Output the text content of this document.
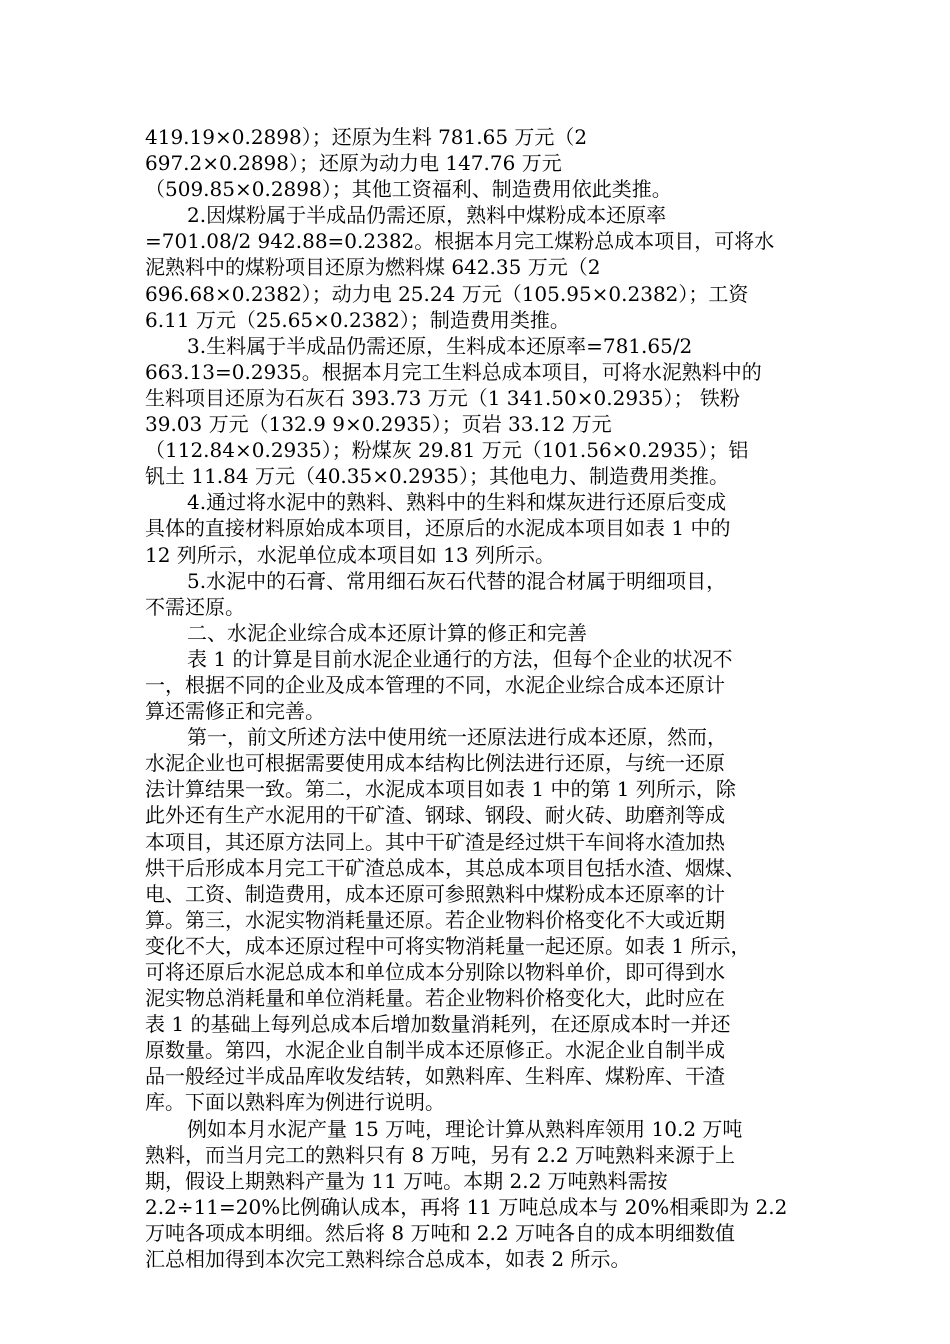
419.19×0.2898）；还原为生料 781.65 万元（2
697.2×0.2898）；还原为动力电 147.76 万元
（509.85×0.2898）；其他工资福利、制造费用依此类推。
2.因煤粉属于半成品仍需还原，熟料中煤粉成本还原率
=701.08/2 942.88=0.2382。根据本月完工煤粉总成本项目，可将水
泥熟料中的煤粉项目还原为燃料煤 642.35 万元（2
696.68×0.2382）；动力电 25.24 万元（105.95×0.2382）；工资
6.11 万元（25.65×0.2382）；制造费用类推。
3.生料属于半成品仍需还原，生料成本还原率=781.65/2
663.13=0.2935。根据本月完工生料总成本项目，可将水泥熟料中的
生料项目还原为石灰石 393.73 万元（1 341.50×0.2935）； 铁粉
39.03 万元（132.9 9×0.2935）；页岩 33.12 万元
（112.84×0.2935）；粉煤灰 29.81 万元（101.56×0.2935）；铝
钒土 11.84 万元（40.35×0.2935）；其他电力、制造费用类推。
4.通过将水泥中的熟料、熟料中的生料和煤灰进行还原后变成
具体的直接材料原始成本项目，还原后的水泥成本项目如表 1 中的
12 列所示，水泥单位成本项目如 13 列所示。
5.水泥中的石膏、常用细石灰石代替的混合材属于明细项目，
不需还原。
二、水泥企业综合成本还原计算的修正和完善
表 1 的计算是目前水泥企业通行的方法，但每个企业的状况不
一，根据不同的企业及成本管理的不同，水泥企业综合成本还原计
算还需修正和完善。
第一，前文所述方法中使用统一还原法进行成本还原，然而，
水泥企业也可根据需要使用成本结构比例法进行还原，与统一还原
法计算结果一致。第二，水泥成本项目如表 1 中的第 1 列所示，除
此外还有生产水泥用的干矿渣、钢球、钢段、耐火砖、助磨剂等成
本项目，其还原方法同上。其中干矿渣是经过烘干车间将水渣加热
烘干后形成本月完工干矿渣总成本，其总成本项目包括水渣、烟煤、
电、工资、制造费用，成本还原可参照熟料中煤粉成本还原率的计
算。第三，水泥实物消耗量还原。若企业物料价格变化不大或近期
变化不大，成本还原过程中可将实物消耗量一起还原。如表 1 所示，
可将还原后水泥总成本和单位成本分别除以物料单价，即可得到水
泥实物总消耗量和单位消耗量。若企业物料价格变化大，此时应在
表 1 的基础上每列总成本后增加数量消耗列，在还原成本时一并还
原数量。第四，水泥企业自制半成本还原修正。水泥企业自制半成
品一般经过半成品库收发结转，如熟料库、生料库、煤粉库、干渣
库。下面以熟料库为例进行说明。
例如本月水泥产量 15 万吨，理论计算从熟料库领用 10.2 万吨
熟料，而当月完工的熟料只有 8 万吨，另有 2.2 万吨熟料来源于上
期，假设上期熟料产量为 11 万吨。本期 2.2 万吨熟料需按
2.2÷11=20%比例确认成本，再将 11 万吨总成本与 20%相乘即为 2.2
万吨各项成本明细。然后将 8 万吨和 2.2 万吨各自的成本明细数值
汇总相加得到本次完工熟料综合总成本，如表 2 所示。
